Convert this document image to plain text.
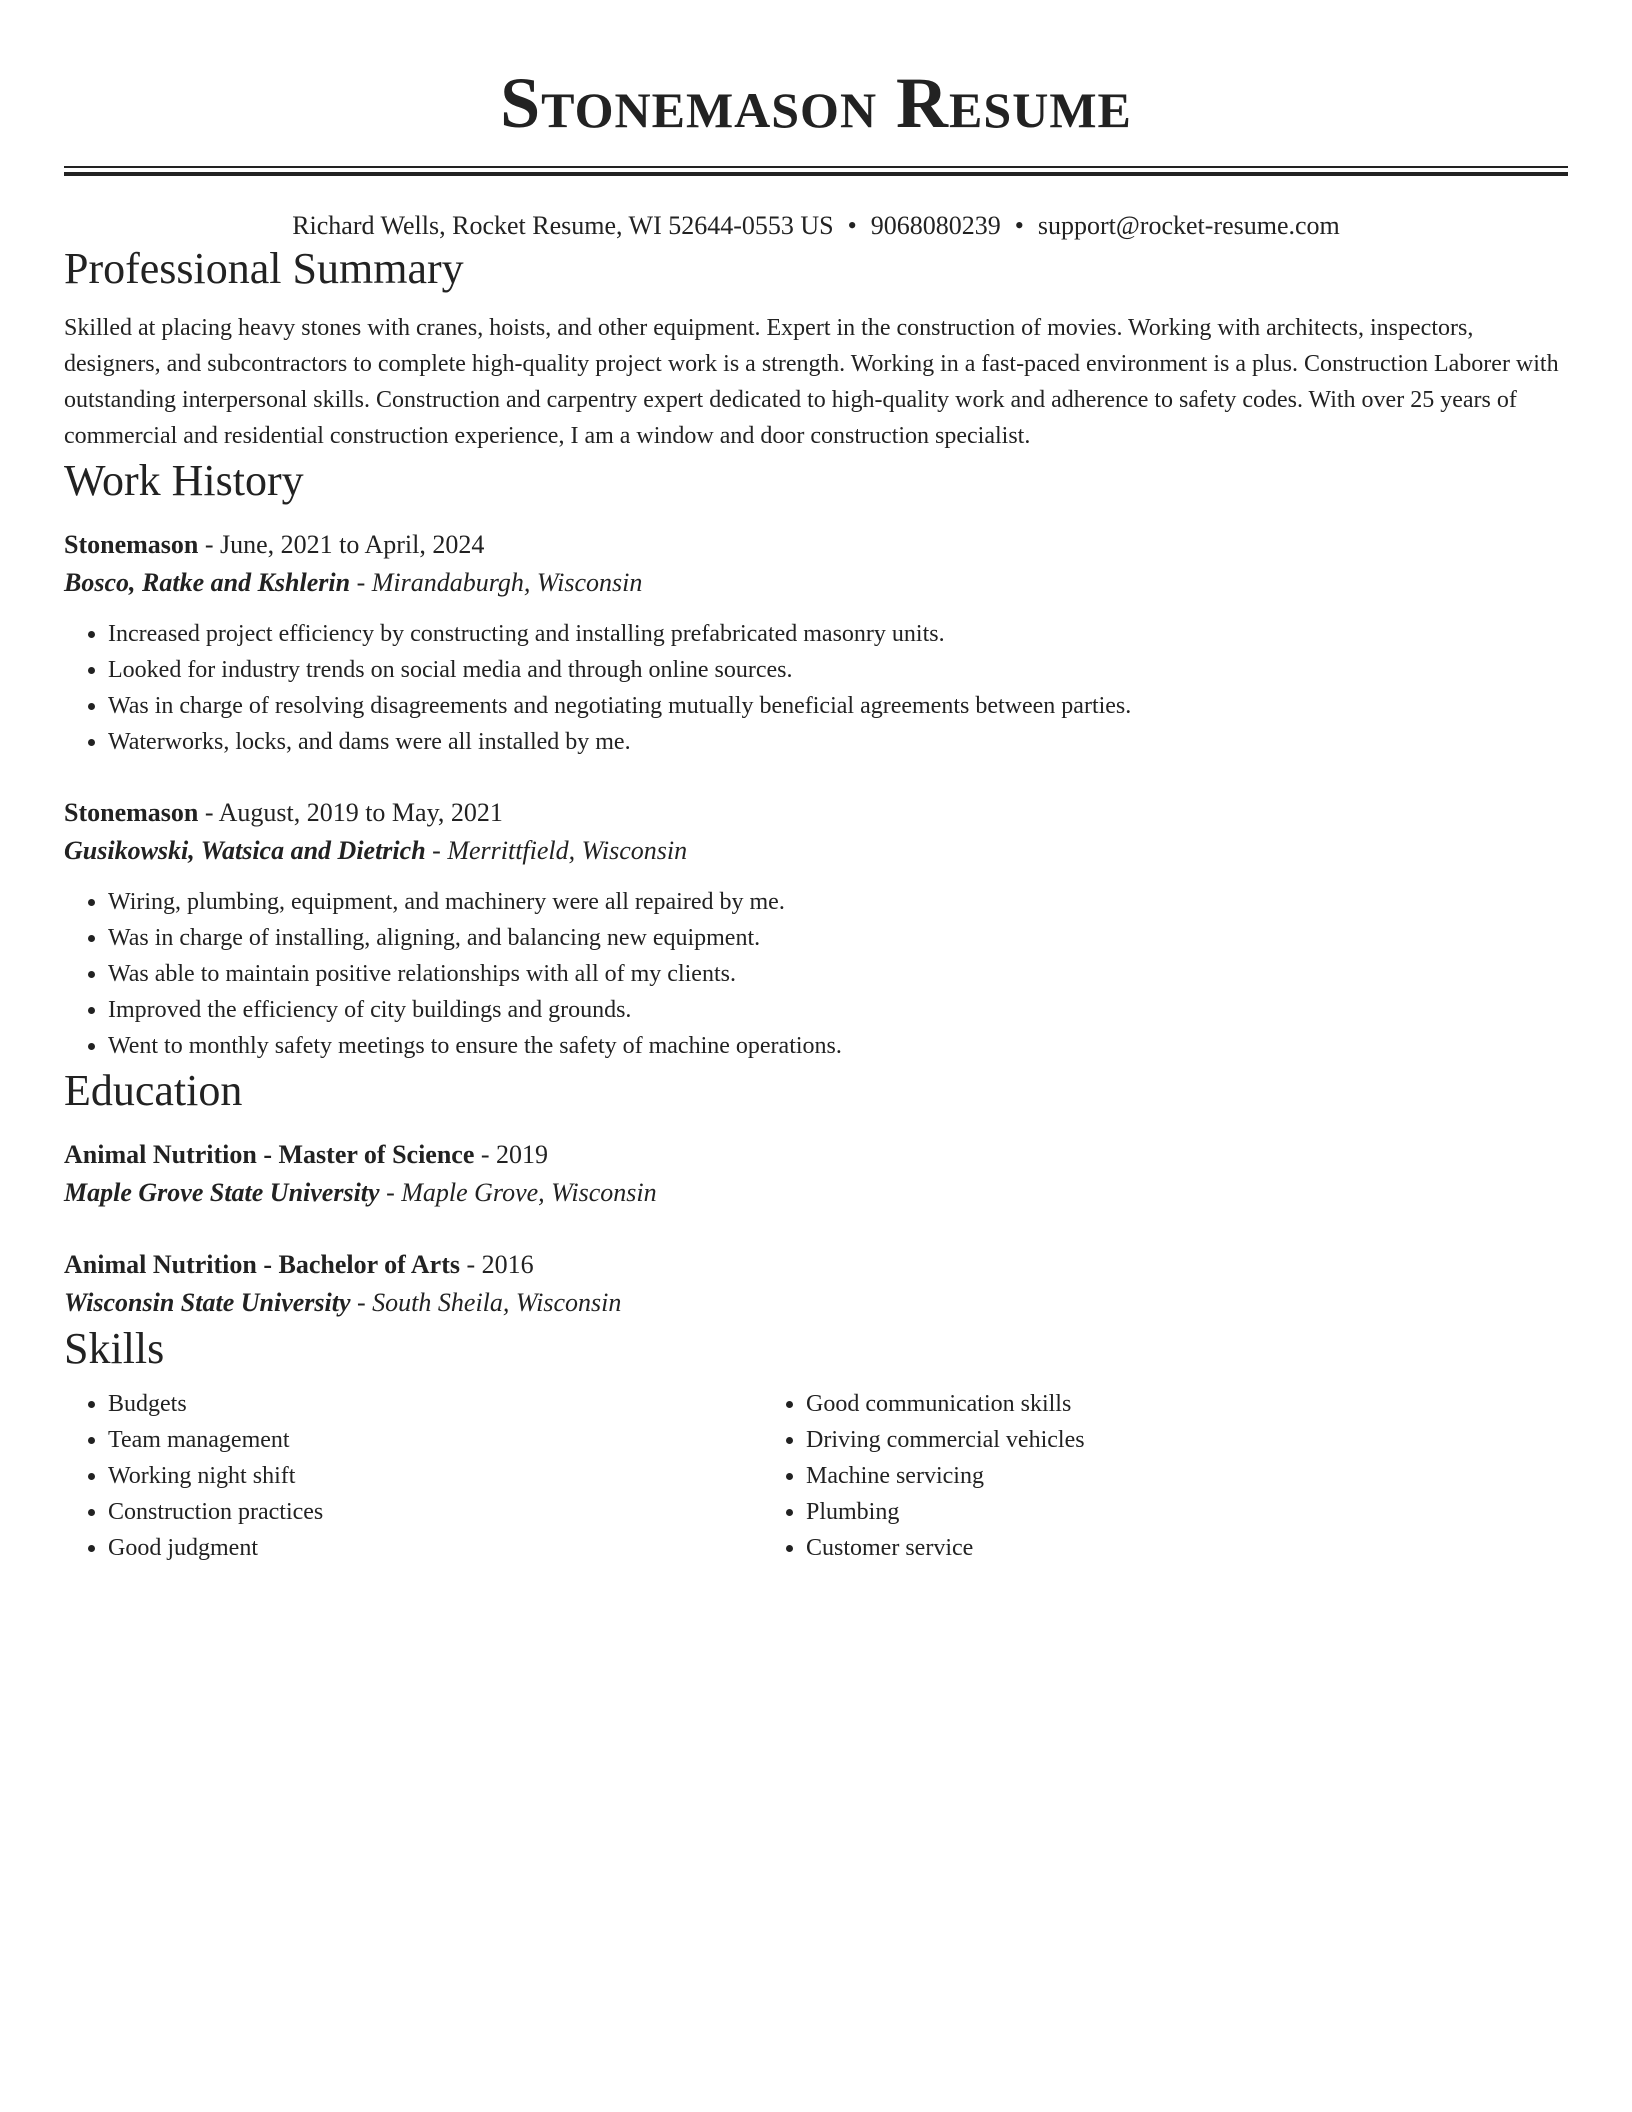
Stonemason Resume
Richard Wells, Rocket Resume, WI 52644-0553 US • 9068080239 • support@rocket-resume.com
Professional Summary
Skilled at placing heavy stones with cranes, hoists, and other equipment. Expert in the construction of movies. Working with architects, inspectors, designers, and subcontractors to complete high-quality project work is a strength. Working in a fast-paced environment is a plus. Construction Laborer with outstanding interpersonal skills. Construction and carpentry expert dedicated to high-quality work and adherence to safety codes. With over 25 years of commercial and residential construction experience, I am a window and door construction specialist.
Work History
Stonemason - June, 2021 to April, 2024
Bosco, Ratke and Kshlerin - Mirandaburgh, Wisconsin
• Increased project efficiency by constructing and installing prefabricated masonry units.
• Looked for industry trends on social media and through online sources.
• Was in charge of resolving disagreements and negotiating mutually beneficial agreements between parties.
• Waterworks, locks, and dams were all installed by me.
Stonemason - August, 2019 to May, 2021
Gusikowski, Watsica and Dietrich - Merrittfield, Wisconsin
• Wiring, plumbing, equipment, and machinery were all repaired by me.
• Was in charge of installing, aligning, and balancing new equipment.
• Was able to maintain positive relationships with all of my clients.
• Improved the efficiency of city buildings and grounds.
• Went to monthly safety meetings to ensure the safety of machine operations.
Education
Animal Nutrition - Master of Science - 2019
Maple Grove State University - Maple Grove, Wisconsin
Animal Nutrition - Bachelor of Arts - 2016
Wisconsin State University - South Sheila, Wisconsin
Skills
• Budgets
• Team management
• Working night shift
• Construction practices
• Good judgment
• Good communication skills
• Driving commercial vehicles
• Machine servicing
• Plumbing
• Customer service
